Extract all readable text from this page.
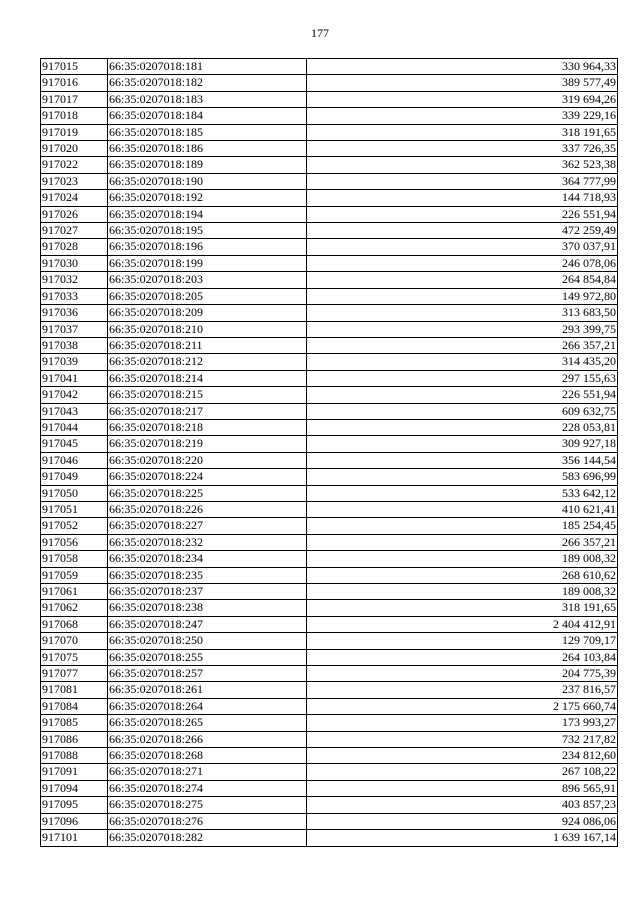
177
917015	66:35:0207018:181	330 964,33
917016	66:35:0207018:182	389 577,49
917017	66:35:0207018:183	319 694,26
917018	66:35:0207018:184	339 229,16
917019	66:35:0207018:185	318 191,65
917020	66:35:0207018:186	337 726,35
917022	66:35:0207018:189	362 523,38
917023	66:35:0207018:190	364 777,99
917024	66:35:0207018:192	144 718,93
917026	66:35:0207018:194	226 551,94
917027	66:35:0207018:195	472 259,49
917028	66:35:0207018:196	370 037,91
917030	66:35:0207018:199	246 078,06
917032	66:35:0207018:203	264 854,84
917033	66:35:0207018:205	149 972,80
917036	66:35:0207018:209	313 683,50
917037	66:35:0207018:210	293 399,75
917038	66:35:0207018:211	266 357,21
917039	66:35:0207018:212	314 435,20
917041	66:35:0207018:214	297 155,63
917042	66:35:0207018:215	226 551,94
917043	66:35:0207018:217	609 632,75
917044	66:35:0207018:218	228 053,81
917045	66:35:0207018:219	309 927,18
917046	66:35:0207018:220	356 144,54
917049	66:35:0207018:224	583 696,99
917050	66:35:0207018:225	533 642,12
917051	66:35:0207018:226	410 621,41
917052	66:35:0207018:227	185 254,45
917056	66:35:0207018:232	266 357,21
917058	66:35:0207018:234	189 008,32
917059	66:35:0207018:235	268 610,62
917061	66:35:0207018:237	189 008,32
917062	66:35:0207018:238	318 191,65
917068	66:35:0207018:247	2 404 412,91
917070	66:35:0207018:250	129 709,17
917075	66:35:0207018:255	264 103,84
917077	66:35:0207018:257	204 775,39
917081	66:35:0207018:261	237 816,57
917084	66:35:0207018:264	2 175 660,74
917085	66:35:0207018:265	173 993,27
917086	66:35:0207018:266	732 217,82
917088	66:35:0207018:268	234 812,60
917091	66:35:0207018:271	267 108,22
917094	66:35:0207018:274	896 565,91
917095	66:35:0207018:275	403 857,23
917096	66:35:0207018:276	924 086,06
917101	66:35:0207018:282	1 639 167,14
